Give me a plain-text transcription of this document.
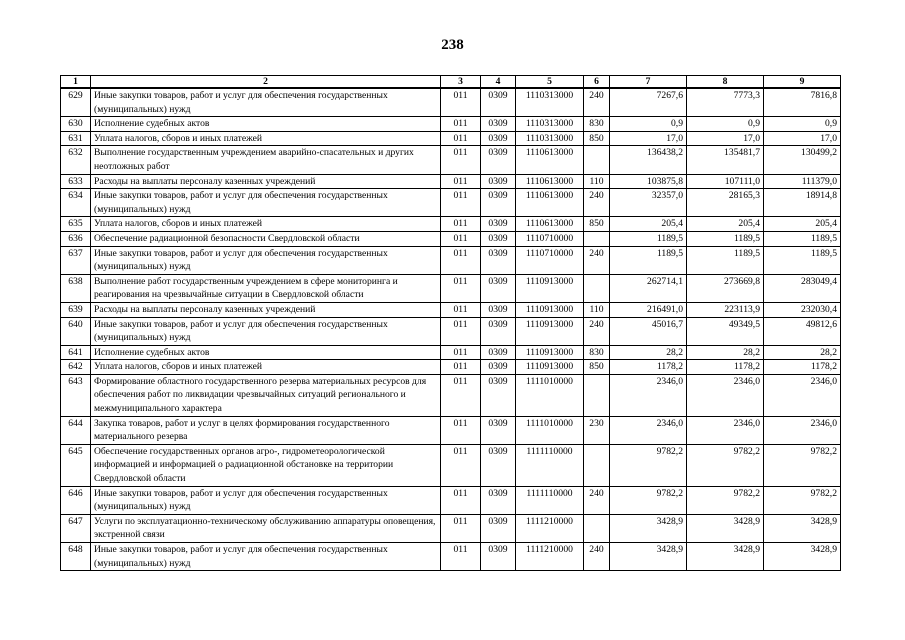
238
1	2	3	4	5	6	7	8	9
629	Иные закупки товаров, работ и услуг для обеспечения государственных (муниципальных) нужд	011	0309	1110313000	240	7267,6	7773,3	7816,8
630	Исполнение судебных актов	011	0309	1110313000	830	0,9	0,9	0,9
631	Уплата налогов, сборов и иных платежей	011	0309	1110313000	850	17,0	17,0	17,0
632	Выполнение государственным учреждением аварийно-спасательных и других неотложных работ	011	0309	1110613000		136438,2	135481,7	130499,2
633	Расходы на выплаты персоналу казенных учреждений	011	0309	1110613000	110	103875,8	107111,0	111379,0
634	Иные закупки товаров, работ и услуг для обеспечения государственных (муниципальных) нужд	011	0309	1110613000	240	32357,0	28165,3	18914,8
635	Уплата налогов, сборов и иных платежей	011	0309	1110613000	850	205,4	205,4	205,4
636	Обеспечение радиационной безопасности Свердловской области	011	0309	1110710000		1189,5	1189,5	1189,5
637	Иные закупки товаров, работ и услуг для обеспечения государственных (муниципальных) нужд	011	0309	1110710000	240	1189,5	1189,5	1189,5
638	Выполнение работ государственным учреждением в сфере мониторинга и реагирования на чрезвычайные ситуации в Свердловской области	011	0309	1110913000		262714,1	273669,8	283049,4
639	Расходы на выплаты персоналу казенных учреждений	011	0309	1110913000	110	216491,0	223113,9	232030,4
640	Иные закупки товаров, работ и услуг для обеспечения государственных (муниципальных) нужд	011	0309	1110913000	240	45016,7	49349,5	49812,6
641	Исполнение судебных актов	011	0309	1110913000	830	28,2	28,2	28,2
642	Уплата налогов, сборов и иных платежей	011	0309	1110913000	850	1178,2	1178,2	1178,2
643	Формирование областного государственного резерва материальных ресурсов для обеспечения работ по ликвидации чрезвычайных ситуаций регионального и межмуниципального характера	011	0309	1111010000		2346,0	2346,0	2346,0
644	Закупка товаров, работ и услуг в целях формирования государственного материального резерва	011	0309	1111010000	230	2346,0	2346,0	2346,0
645	Обеспечение государственных органов агро-, гидрометеорологической информацией и информацией о радиационной обстановке на территории Свердловской области	011	0309	1111110000		9782,2	9782,2	9782,2
646	Иные закупки товаров, работ и услуг для обеспечения государственных (муниципальных) нужд	011	0309	1111110000	240	9782,2	9782,2	9782,2
647	Услуги по эксплуатационно-техническому обслуживанию аппаратуры оповещения, экстренной связи	011	0309	1111210000		3428,9	3428,9	3428,9
648	Иные закупки товаров, работ и услуг для обеспечения государственных (муниципальных) нужд	011	0309	1111210000	240	3428,9	3428,9	3428,9
